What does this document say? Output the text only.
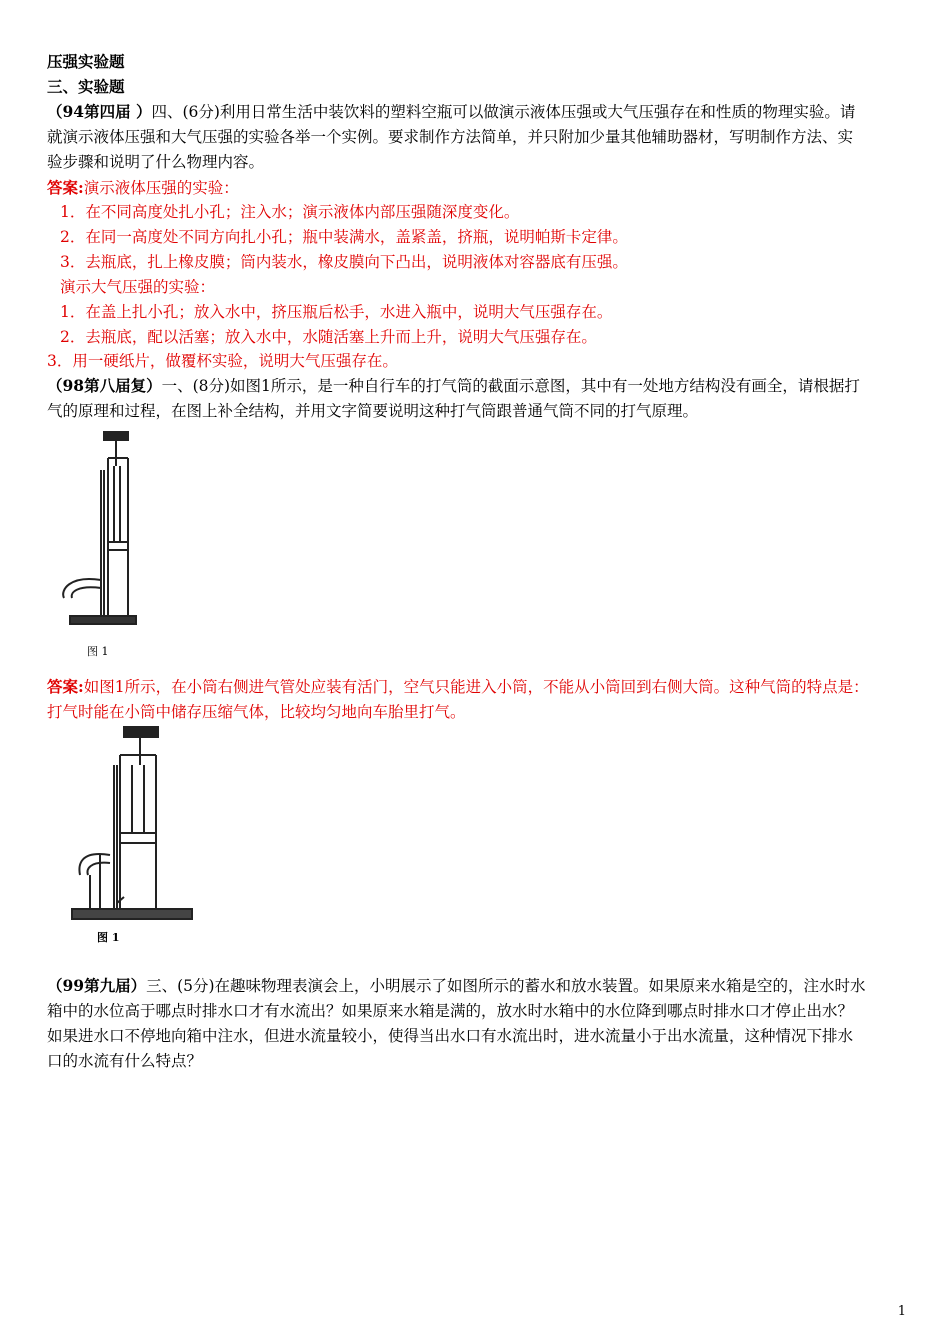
压强实验题
三、实验题
（94第四届 ）四、(6分)利用日常生活中装饮料的塑料空瓶可以做演示液体压强或大气压强存在和性质的物理实验。请
就演示液体压强和大气压强的实验各举一个实例。要求制作方法简单，并只附加少量其他辅助器材，写明制作方法、实
验步骤和说明了什么物理内容。
答案:演示液体压强的实验：
1．在不同高度处扎小孔；注入水；演示液体内部压强随深度变化。
2．在同一高度处不同方向扎小孔；瓶中装满水，盖紧盖，挤瓶，说明帕斯卡定律。
3．去瓶底，扎上橡皮膜；筒内装水，橡皮膜向下凸出，说明液体对容器底有压强。
演示大气压强的实验：
1．在盖上扎小孔；放入水中，挤压瓶后松手，水进入瓶中，说明大气压强存在。
2．去瓶底，配以活塞；放入水中，水随活塞上升而上升，说明大气压强存在。
3．用一硬纸片，做覆杯实验，说明大气压强存在。
（98第八届复）一、(8分)如图1所示，是一种自行车的打气筒的截面示意图，其中有一处地方结构没有画全，请根据打
气的原理和过程，在图上补全结构，并用文字简要说明这种打气筒跟普通气筒不同的打气原理。
图 1
答案:如图1所示，在小筒右侧进气管处应装有活门，空气只能进入小筒，不能从小筒回到右侧大筒。这种气筒的特点是：
打气时能在小筒中储存压缩气体，比较均匀地向车胎里打气。
图 1
（99第九届）三、(5分)在趣味物理表演会上，小明展示了如图所示的蓄水和放水装置。如果原来水箱是空的，注水时水
箱中的水位高于哪点时排水口才有水流出？如果原来水箱是满的，放水时水箱中的水位降到哪点时排水口才停止出水？
如果进水口不停地向箱中注水，但进水流量较小，使得当出水口有水流出时，进水流量小于出水流量，这种情况下排水
口的水流有什么特点？
1
